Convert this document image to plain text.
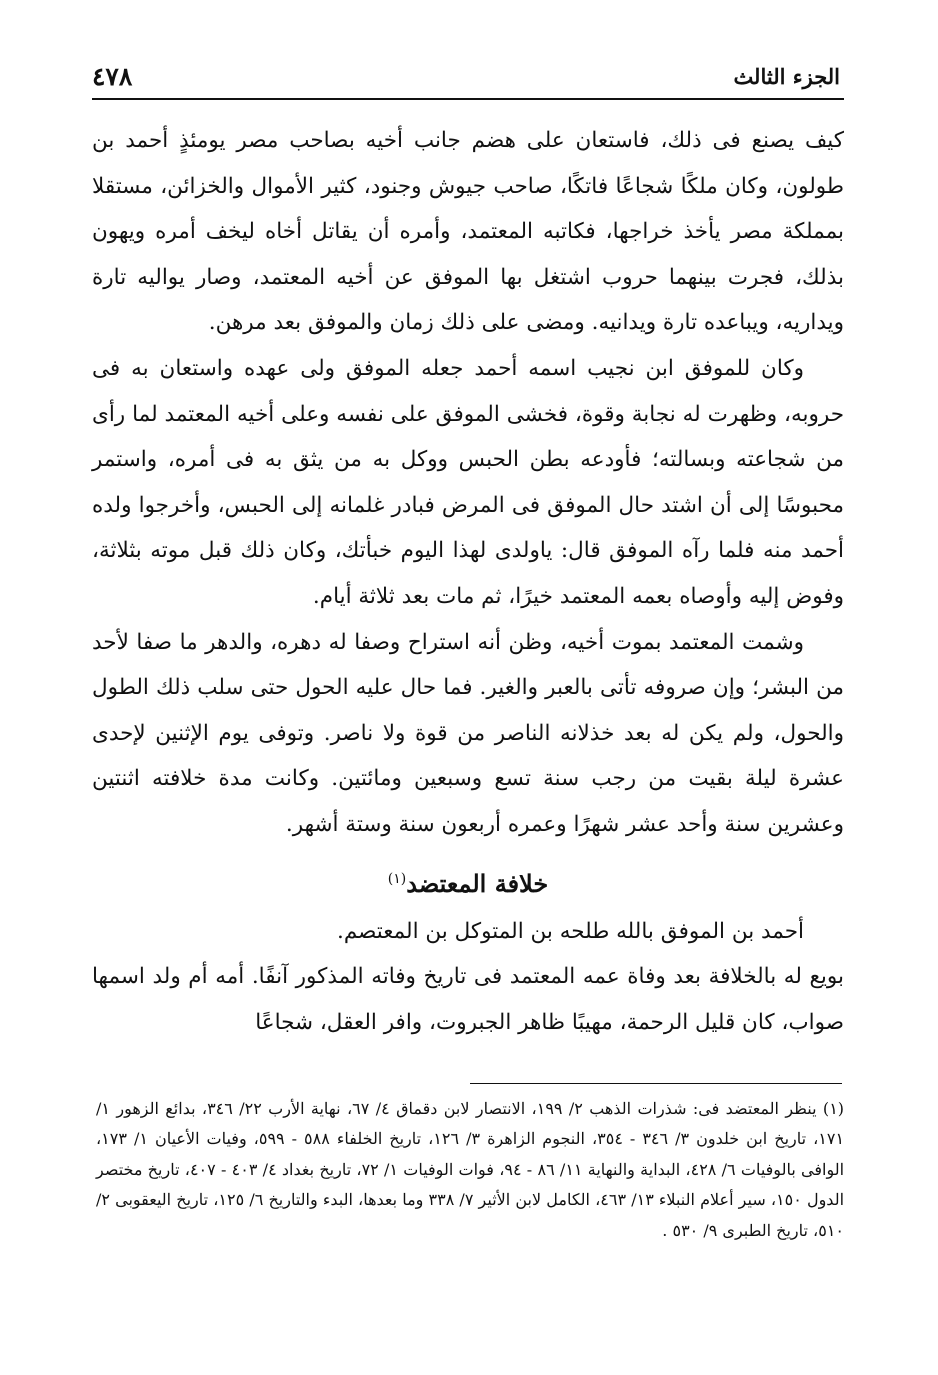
الجزء الثالث
٤٧٨

كيف يصنع فى ذلك، فاستعان على هضم جانب أخيه بصاحب مصر يومئذٍ أحمد بن طولون، وكان ملكًا شجاعًا فاتكًا، صاحب جيوش وجنود، كثير الأموال والخزائن، مستقلا بمملكة مصر يأخذ خراجها، فكاتبه المعتمد، وأمره أن يقاتل أخاه ليخف أمره ويهون بذلك، فجرت بينهما حروب اشتغل بها الموفق عن أخيه المعتمد، وصار يواليه تارة ويداريه، ويباعده تارة ويدانيه. ومضى على ذلك زمان والموفق بعد مرهن.

وكان للموفق ابن نجيب اسمه أحمد جعله الموفق ولى عهده واستعان به فى حروبه، وظهرت له نجابة وقوة، فخشى الموفق على نفسه وعلى أخيه المعتمد لما رأى من شجاعته وبسالته؛ فأودعه بطن الحبس ووكل به من يثق به فى أمره، واستمر محبوسًا إلى أن اشتد حال الموفق فى المرض فبادر غلمانه إلى الحبس، وأخرجوا ولده أحمد منه فلما رآه الموفق قال: ياولدى لهذا اليوم خبأتك، وكان ذلك قبل موته بثلاثة، وفوض إليه وأوصاه بعمه المعتمد خيرًا، ثم مات بعد ثلاثة أيام.

وشمت المعتمد بموت أخيه، وظن أنه استراح وصفا له دهره، والدهر ما صفا لأحد من البشر؛ وإن صروفه تأتى بالعبر والغير. فما حال عليه الحول حتى سلب ذلك الطول والحول، ولم يكن له بعد خذلانه الناصر من قوة ولا ناصر. وتوفى يوم الإثنين لإحدى عشرة ليلة بقيت من رجب سنة تسع وسبعين ومائتين. وكانت مدة خلافته اثنتين وعشرين سنة وأحد عشر شهرًا وعمره أربعون سنة وستة أشهر.

خلافة المعتضد$^{(١)}$

أحمد بن الموفق بالله طلحه بن المتوكل بن المعتصم.

بويع له بالخلافة بعد وفاة عمه المعتمد فى تاريخ وفاته المذكور آنفًا. أمه أم ولد اسمها صواب، كان قليل الرحمة، مهيبًا ظاهر الجبروت، وافر العقل، شجاعًا

(١) ينظر المعتضد فى: شذرات الذهب ٢/ ١٩٩، الانتصار لابن دقماق ٤/ ٦٧، نهاية الأرب ٢٢/ ٣٤٦، بدائع الزهور ١/ ١٧١، تاريخ ابن خلدون ٣/ ٣٤٦ - ٣٥٤، النجوم الزاهرة ٣/ ١٢٦، تاريخ الخلفاء ٥٨٨ - ٥٩٩، وفيات الأعيان ١/ ١٧٣، الوافى بالوفيات ٦/ ٤٢٨، البداية والنهاية ١١/ ٨٦ - ٩٤، فوات الوفيات ١/ ٧٢، تاريخ بغداد ٤/ ٤٠٣ - ٤٠٧، تاريخ مختصر الدول ١٥٠، سير أعلام النبلاء ١٣/ ٤٦٣، الكامل لابن الأثير ٧/ ٣٣٨ وما بعدها، البدء والتاريخ ٦/ ١٢٥، تاريخ اليعقوبى ٢/ ٥١٠، تاريخ الطبرى ٩/ ٥٣٠ .
